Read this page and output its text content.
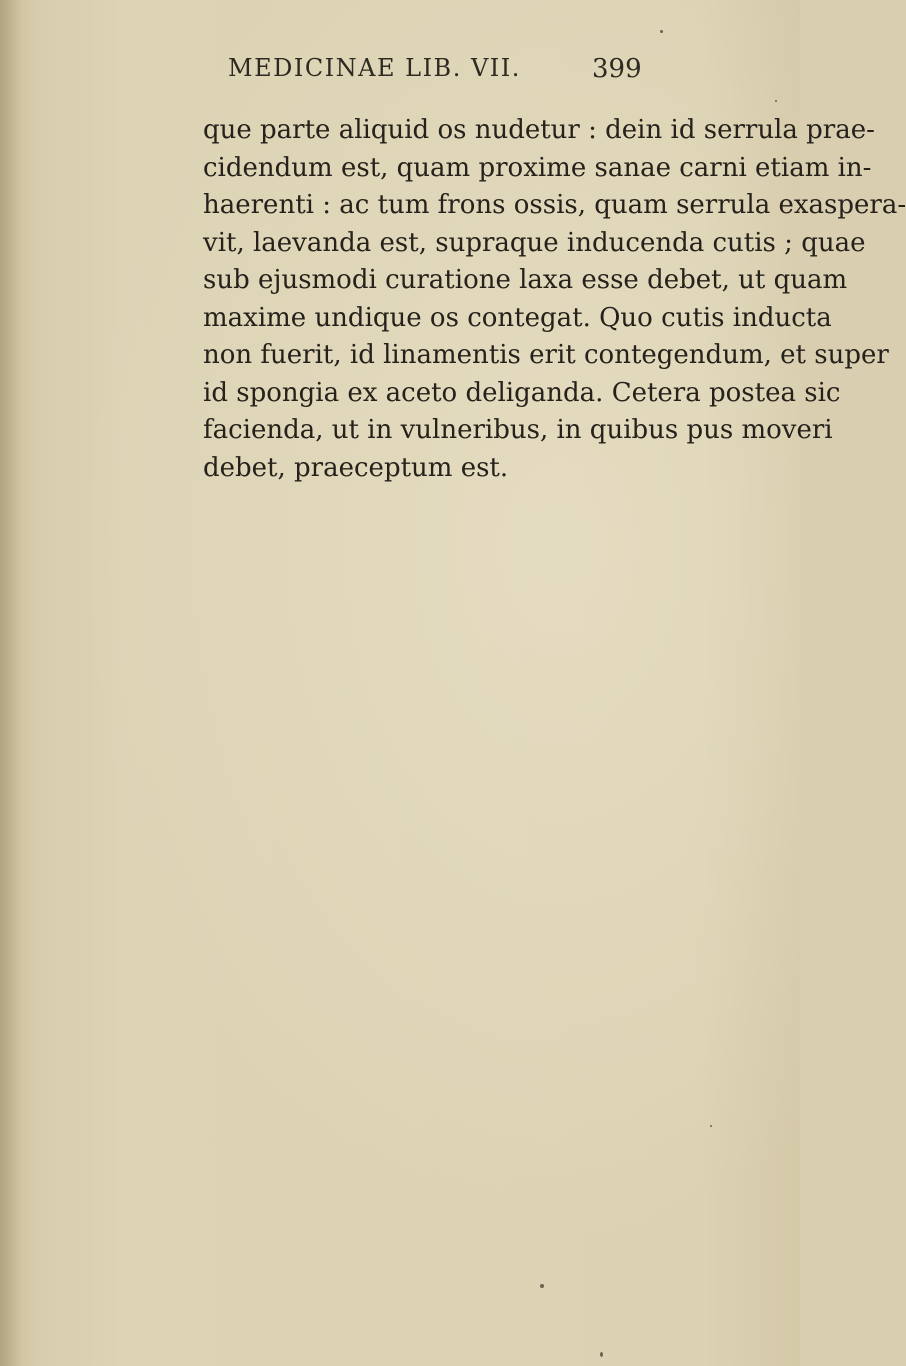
MEDICINAE LIB. VII.	399
que parte aliquid os nudetur : dein id serrula prae-
cidendum est, quam proxime sanae carni etiam in-
haerenti : ac tum frons ossis, quam serrula exaspera-
vit, laevanda est, supraque inducenda cutis ; quae
sub ejusmodi curatione laxa esse debet, ut quam
maxime undique os contegat. Quo cutis inducta
non fuerit, id linamentis erit contegendum, et super
id spongia ex aceto deliganda. Cetera postea sic
facienda, ut in vulneribus, in quibus pus moveri
debet, praeceptum est.
